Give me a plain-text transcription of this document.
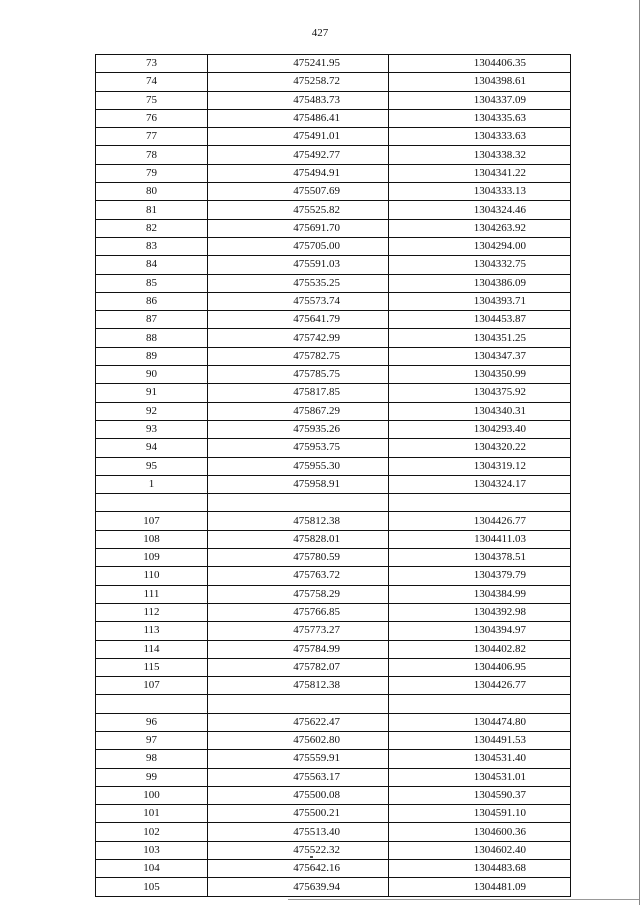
427
73	475241.95	1304406.35
74	475258.72	1304398.61
75	475483.73	1304337.09
76	475486.41	1304335.63
77	475491.01	1304333.63
78	475492.77	1304338.32
79	475494.91	1304341.22
80	475507.69	1304333.13
81	475525.82	1304324.46
82	475691.70	1304263.92
83	475705.00	1304294.00
84	475591.03	1304332.75
85	475535.25	1304386.09
86	475573.74	1304393.71
87	475641.79	1304453.87
88	475742.99	1304351.25
89	475782.75	1304347.37
90	475785.75	1304350.99
91	475817.85	1304375.92
92	475867.29	1304340.31
93	475935.26	1304293.40
94	475953.75	1304320.22
95	475955.30	1304319.12
1	475958.91	1304324.17

107	475812.38	1304426.77
108	475828.01	1304411.03
109	475780.59	1304378.51
110	475763.72	1304379.79
111	475758.29	1304384.99
112	475766.85	1304392.98
113	475773.27	1304394.97
114	475784.99	1304402.82
115	475782.07	1304406.95
107	475812.38	1304426.77

96	475622.47	1304474.80
97	475602.80	1304491.53
98	475559.91	1304531.40
99	475563.17	1304531.01
100	475500.08	1304590.37
101	475500.21	1304591.10
102	475513.40	1304600.36
103	475522.32	1304602.40
104	475642.16	1304483.68
105	475639.94	1304481.09
